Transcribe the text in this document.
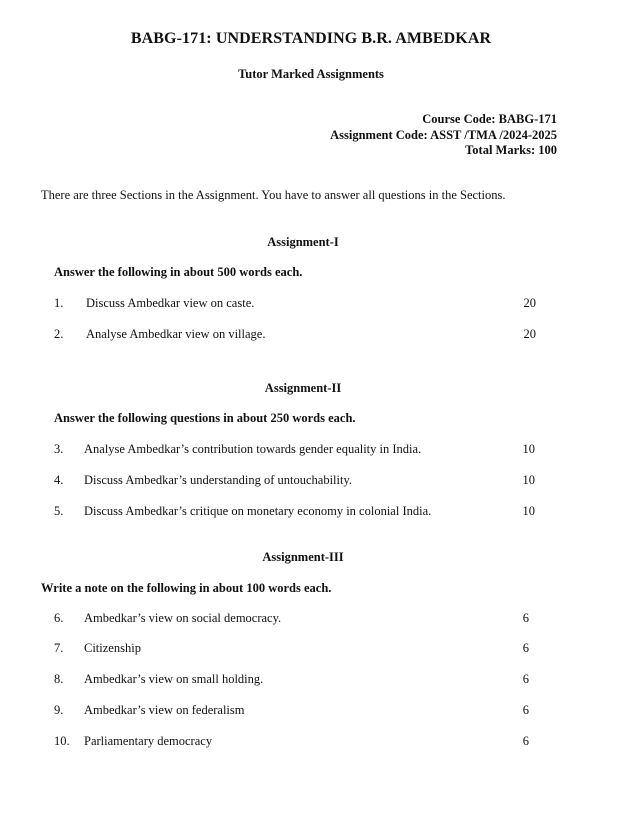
BABG-171: UNDERSTANDING B.R. AMBEDKAR
Tutor Marked Assignments
Course Code: BABG-171
Assignment Code: ASST /TMA /2024-2025
Total Marks: 100
There are three Sections in the Assignment. You have to answer all questions in the Sections.
Assignment-I
Answer the following in about 500 words each.
1. Discuss Ambedkar view on caste.	20
2. Analyse Ambedkar view on village.	20
Assignment-II
Answer the following questions in about 250 words each.
3. Analyse Ambedkar’s contribution towards gender equality in India.	10
4. Discuss Ambedkar’s understanding of untouchability.	10
5. Discuss Ambedkar’s critique on monetary economy in colonial India.	10
Assignment-III
Write a note on the following in about 100 words each.
6. Ambedkar’s view on social democracy.	6
7. Citizenship	6
8. Ambedkar’s view on small holding.	6
9. Ambedkar’s view on federalism	6
10. Parliamentary democracy	6
